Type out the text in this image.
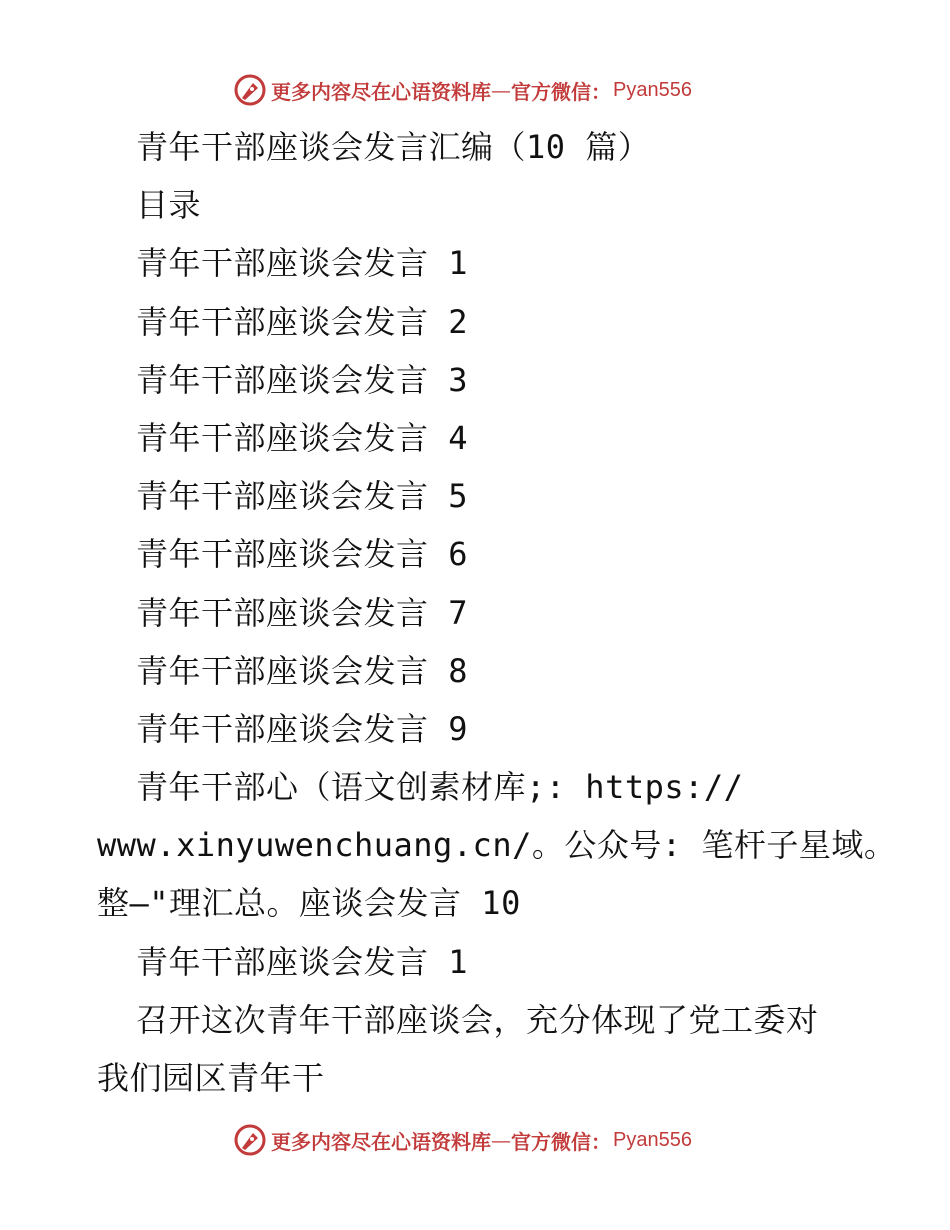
更多内容尽在心语资料库 — 官方微信： Pyan556
青年干部座谈会发言汇编（10 篇）
目录
青年干部座谈会发言 1
青年干部座谈会发言 2
青年干部座谈会发言 3
青年干部座谈会发言 4
青年干部座谈会发言 5
青年干部座谈会发言 6
青年干部座谈会发言 7
青年干部座谈会发言 8
青年干部座谈会发言 9
青年干部心（语文创素材库;: https://
www.xinyuwenchuang.cn/。公众号: 笔杆子星域。
整—"理汇总。座谈会发言 10
青年干部座谈会发言 1
召开这次青年干部座谈会，充分体现了党工委对
我们园区青年干
更多内容尽在心语资料库 — 官方微信： Pyan556
